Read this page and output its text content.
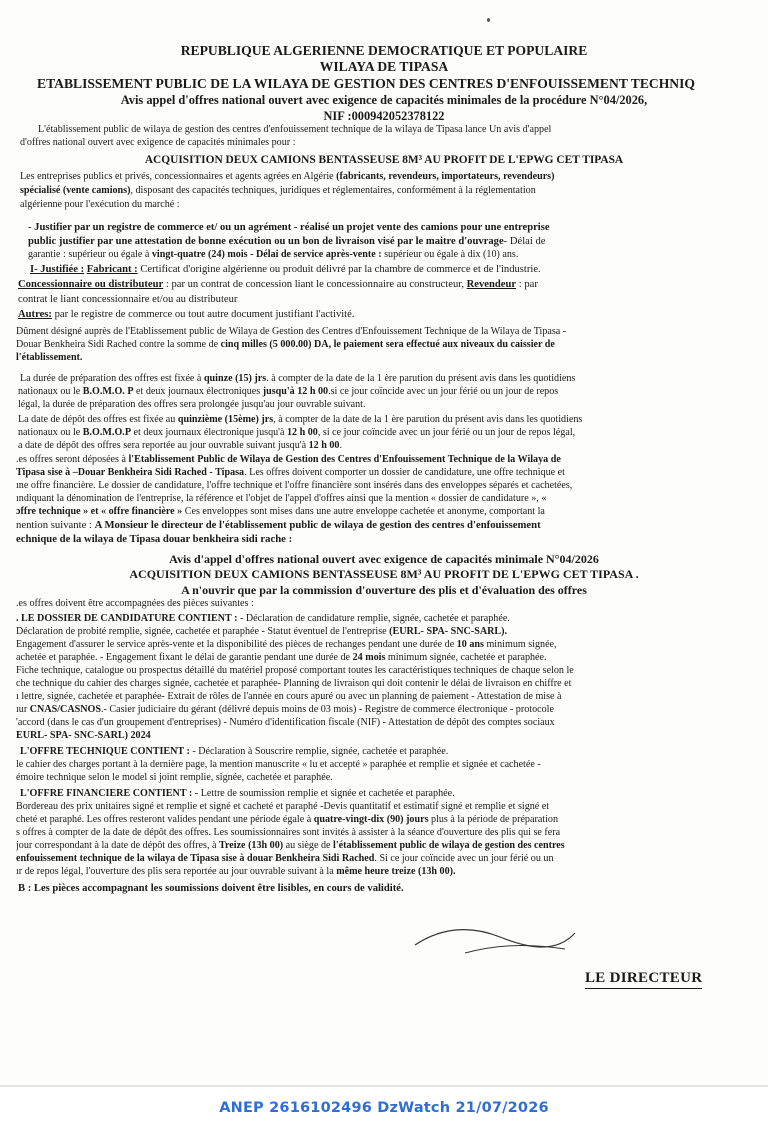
REPUBLIQUE ALGERIENNE DEMOCRATIQUE ET POPULAIRE
WILAYA DE TIPASA
ETABLISSEMENT PUBLIC DE LA WILAYA DE GESTION DES CENTRES D'ENFOUISSEMENT TECHNIQ
Avis appel d'offres national ouvert avec exigence de capacités minimales de la procédure N°04/2026,
NIF :000942052378122
L'établissement public de wilaya de gestion des centres d'enfouissement technique de la wilaya de Tipasa lance Un avis d'appel
d'offres national ouvert avec exigence de capacités minimales pour :
ACQUISITION DEUX CAMIONS BENTASSEUSE 8M³ AU PROFIT DE L'EPWG CET TIPASA
Les entreprises publics et privés, concessionnaires et agents agrées en Algérie (fabricants, revendeurs, importateurs, revendeurs)
spécialisé (vente camions), disposant des capacités techniques, juridiques et réglementaires, conformément à la réglementation
algérienne pour l'exécution du marché :
- Justifier par un registre de commerce et/ ou un agrément - réalisé un projet vente des camions pour une entreprise
public justifier par une attestation de bonne exécution ou un bon de livraison visé par le maitre d'ouvrage- Délai de
garantie : supérieur ou égale à vingt-quatre (24) mois - Délai de service après-vente : supérieur ou égale à dix (10) ans.
I- Justifiée : Fabricant : Certificat d'origine algérienne ou produit délivré par la chambre de commerce et de l'industrie.
Concessionnaire ou distributeur : par un contrat de concession liant le concessionnaire au constructeur, Revendeur : par
contrat le liant concessionnaire et/ou au distributeur
Autres: par le registre de commerce ou tout autre document justifiant l'activité.
Dûment désigné auprès de l'Etablissement public de Wilaya de Gestion des Centres d'Enfouissement Technique de la Wilaya de Tipasa -
Douar Benkheira Sidi Rached contre la somme de cinq milles (5 000.00) DA, le paiement sera effectué aux niveaux du caissier de
l'établissement.
La durée de préparation des offres est fixée à quinze (15) jrs. à compter de la date de la 1 ère parution du présent avis dans les quotidiens
nationaux ou le B.O.M.O. P et deux journaux électroniques jusqu'à 12 h 00.si ce jour coïncide avec un jour férié ou un jour de repos
légal, la durée de préparation des offres sera prolongée jusqu'au jour ouvrable suivant.
La date de dépôt des offres est fixée au quinzième (15ème) jrs, à compter de la date de la 1 ère parution du présent avis dans les quotidiens
nationaux ou le B.O.M.O.P et deux journaux électronique jusqu'à 12 h 00, si ce jour coïncide avec un jour férié ou un jour de repos légal,
a date de dépôt des offres sera reportée au jour ouvrable suivant jusqu'à 12 h 00.
.es offres seront déposées à l'Etablissement Public de Wilaya de Gestion des Centres d'Enfouissement Technique de la Wilaya de
Tipasa sise à –Douar Benkheira Sidi Rached - Tipasa. Les offres doivent comporter un dossier de candidature, une offre technique et
ıne offre financière. Le dossier de candidature, l'offre technique et l'offre financière sont insérés dans des enveloppes séparés et cachetées,
ındiquant la dénomination de l'entreprise, la référence et l'objet de l'appel d'offres ainsi que la mention « dossier de candidature », «
ɔffre technique » et « offre financière » Ces enveloppes sont mises dans une autre enveloppe cachetée et anonyme, comportant la
nention suivante : A Monsieur le directeur de l'établissement public de wilaya de gestion des centres d'enfouissement
echnique de la wilaya de Tipasa douar benkheira sidi rache :
Avis d'appel d'offres national ouvert avec exigence de capacités minimale N°04/2026
ACQUISITION DEUX CAMIONS BENTASSEUSE 8M³ AU PROFIT DE L'EPWG CET TIPASA .
A n'ouvrir que par la commission d'ouverture des plis et d'évaluation des offres
.es offres doivent être accompagnées des pièces suivantes :
. LE DOSSIER DE CANDIDATURE CONTIENT : - Déclaration de candidature remplie, signée, cachetée et paraphée.
Déclaration de probité remplie, signée, cachetée et paraphée - Statut éventuel de l'entreprise (EURL- SPA- SNC-SARL).
Engagement d'assurer le service après-vente et la disponibilité des pièces de rechanges pendant une durée de 10 ans minimum signée,
achetée et paraphée. - Engagement fixant le délai de garantie pendant une durée de 24 mois minimum signée, cachetée et paraphée.
Fiche technique, catalogue ou prospectus détaillé du matériel proposé comportant toutes les caractéristiques techniques de chaque selon le
che technique du cahier des charges signée, cachetée et paraphée- Planning de livraison qui doit contenir le délai de livraison en chiffre et
ı lettre, signée, cachetée et paraphée- Extrait de rôles de l'année en cours apuré ou avec un planning de paiement - Attestation de mise à
ıur CNAS/CASNOS.- Casier judiciaire du gérant (délivré depuis moins de 03 mois) - Registre de commerce électronique - protocole
'accord (dans le cas d'un groupement d'entreprises) - Numéro d'identification fiscale (NIF) - Attestation de dépôt des comptes sociaux
EURL- SPA- SNC-SARL) 2024
L'OFFRE TECHNIQUE CONTIENT : - Déclaration à Souscrire remplie, signée, cachetée et paraphée.
le cahier des charges portant à la dernière page, la mention manuscrite « lu et accepté » paraphée et remplie et signée et cachetée -
émoire technique selon le model si joint remplie, signée, cachetée et paraphée.
L'OFFRE FINANCIERE CONTIENT : - Lettre de soumission remplie et signée et cachetée et paraphée.
Bordereau des prix unitaires signé et remplie et signé et cacheté et paraphé -Devis quantitatif et estimatif signé et remplie et signé et
cheté et paraphé. Les offres resteront valides pendant une période égale à quatre-vingt-dix (90) jours plus à la période de préparation
s offres à compter de la date de dépôt des offres. Les soumissionnaires sont invités à assister à la séance d'ouverture des plis qui se fera
jour correspondant à la date de dépôt des offres, à Treize (13h 00) au siège de l'établissement public de wilaya de gestion des centres
enfouissement technique de la wilaya de Tipasa sise à douar Benkheira Sidi Rached. Si ce jour coïncide avec un jour férié ou un
ır de repos légal, l'ouverture des plis sera reportée au jour ouvrable suivant à la même heure treize (13h 00).
B : Les pièces accompagnant les soumissions doivent être lisibles, en cours de validité.
LE DIRECTEUR
ANEP 2616102496 DzWatch 21/07/2026
